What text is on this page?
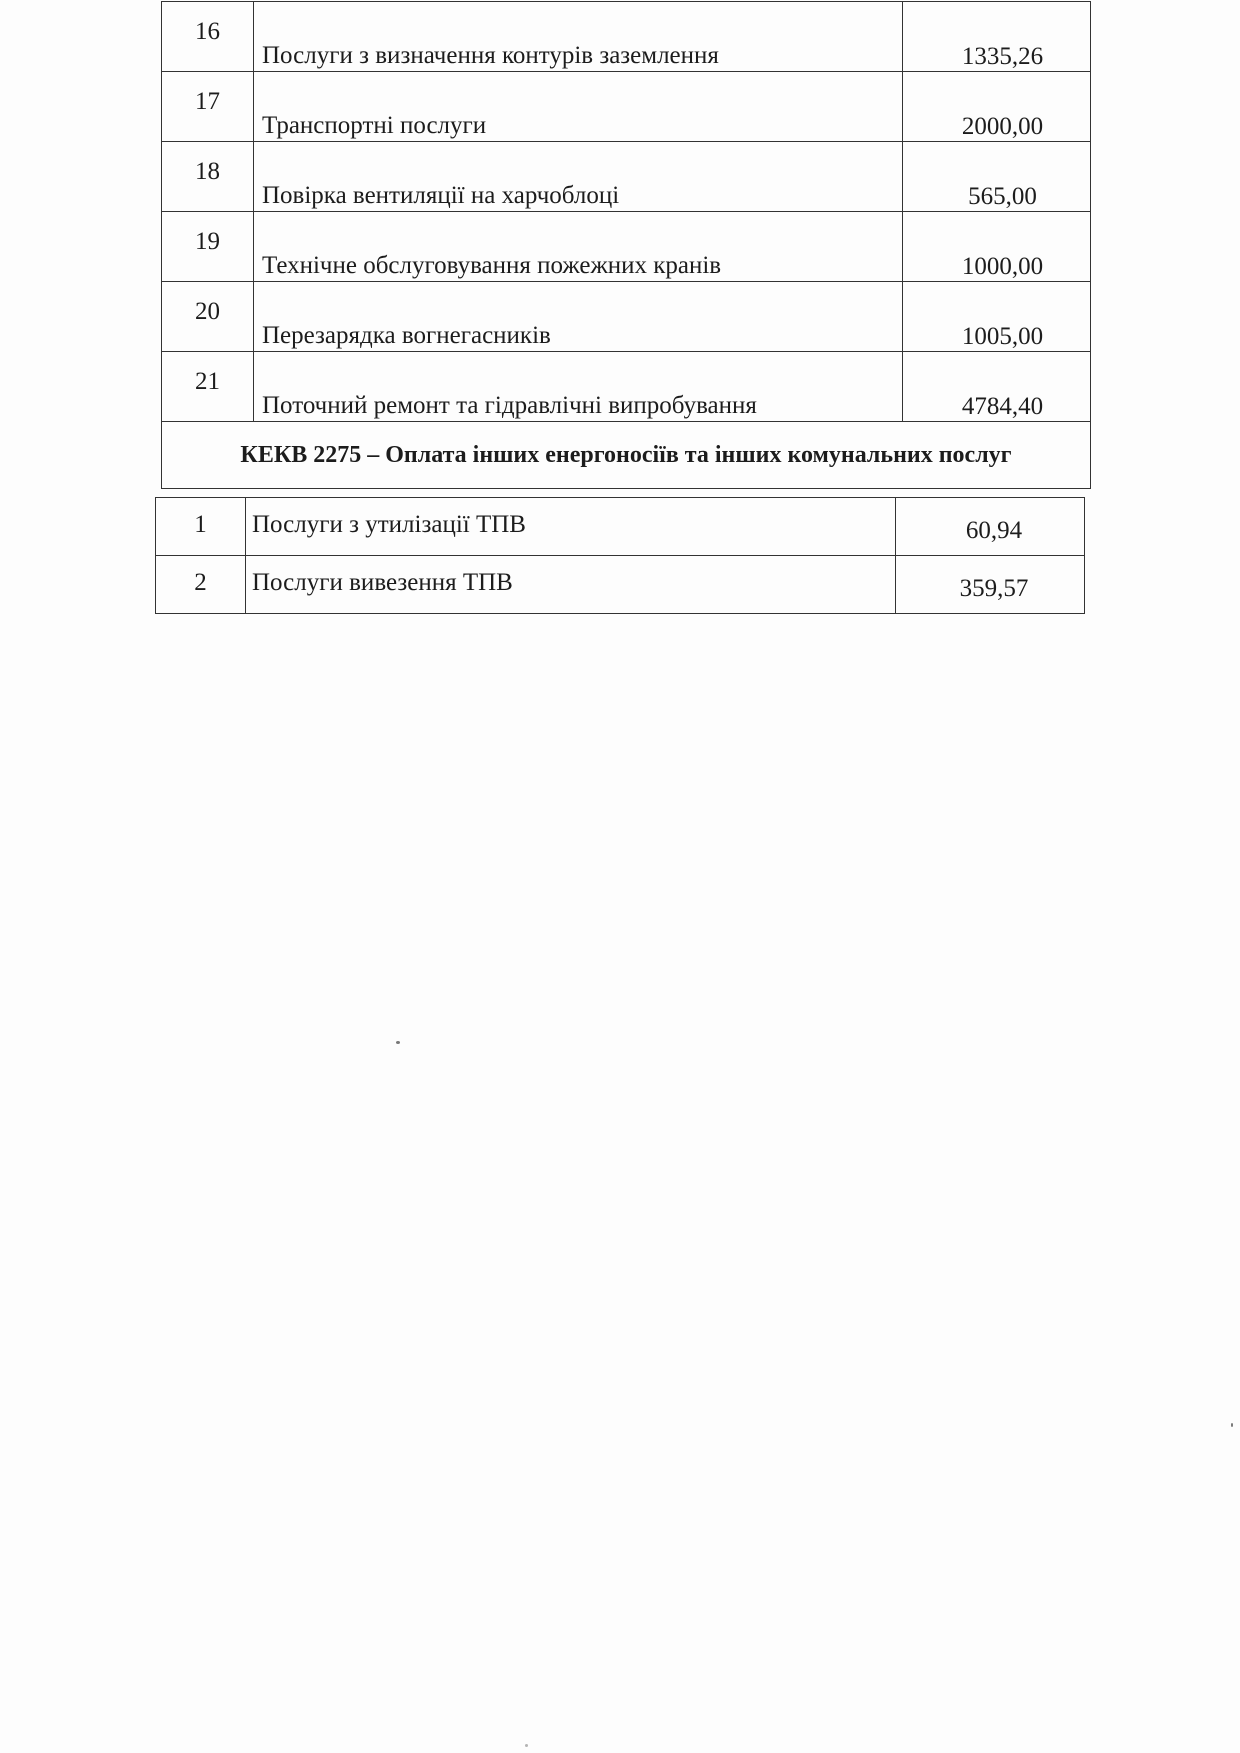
16	Послуги з визначення контурів заземлення	1335,26
17	Транспортні послуги	2000,00
18	Повірка вентиляції на харчоблоці	565,00
19	Технічне обслуговування пожежних кранів	1000,00
20	Перезарядка вогнегасників	1005,00
21	Поточний ремонт та гідравлічні випробування	4784,40
КЕКВ 2275 – Оплата інших енергоносіїв та інших комунальних послуг		
1	Послуги з утилізації ТПВ	60,94
2	Послуги вивезення ТПВ	359,57
